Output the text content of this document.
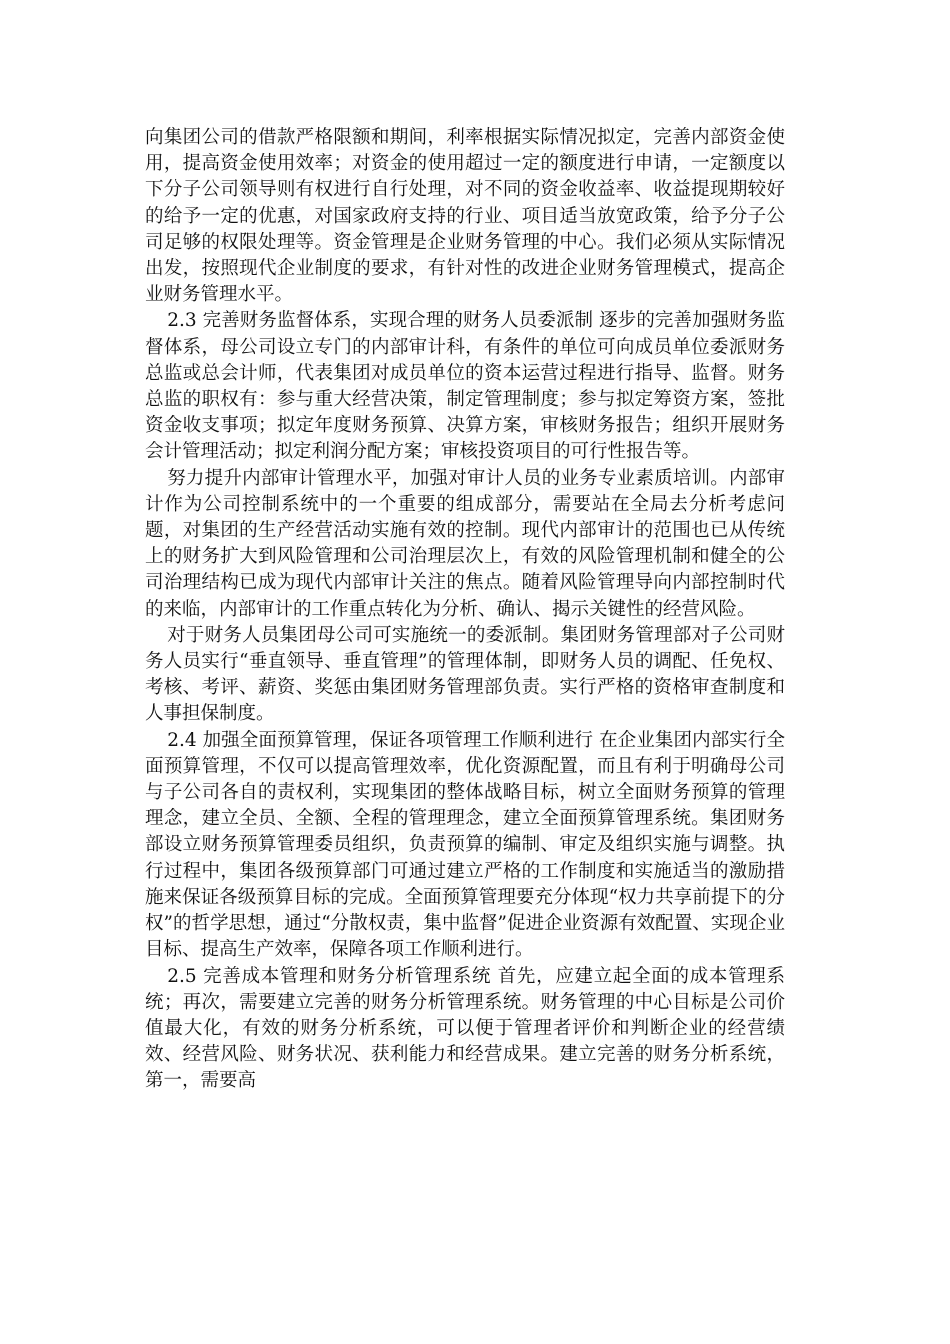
向集团公司的借款严格限额和期间，利率根据实际情况拟定，完善内部资金使用，提高资金使用效率；对资金的使用超过一定的额度进行申请，一定额度以下分子公司领导则有权进行自行处理，对不同的资金收益率、收益提现期较好的给予一定的优惠，对国家政府支持的行业、项目适当放宽政策，给予分子公司足够的权限处理等。资金管理是企业财务管理的中心。我们必须从实际情况出发，按照现代企业制度的要求，有针对性的改进企业财务管理模式，提高企业财务管理水平。

2.3 完善财务监督体系，实现合理的财务人员委派制 逐步的完善加强财务监督体系，母公司设立专门的内部审计科，有条件的单位可向成员单位委派财务总监或总会计师，代表集团对成员单位的资本运营过程进行指导、监督。财务总监的职权有：参与重大经营决策，制定管理制度；参与拟定筹资方案，签批资金收支事项；拟定年度财务预算、决算方案，审核财务报告；组织开展财务会计管理活动；拟定利润分配方案；审核投资项目的可行性报告等。

努力提升内部审计管理水平，加强对审计人员的业务专业素质培训。内部审计作为公司控制系统中的一个重要的组成部分，需要站在全局去分析考虑问题，对集团的生产经营活动实施有效的控制。现代内部审计的范围也已从传统上的财务扩大到风险管理和公司治理层次上，有效的风险管理机制和健全的公司治理结构已成为现代内部审计关注的焦点。随着风险管理导向内部控制时代的来临，内部审计的工作重点转化为分析、确认、揭示关键性的经营风险。

对于财务人员集团母公司可实施统一的委派制。集团财务管理部对子公司财务人员实行“垂直领导、垂直管理”的管理体制，即财务人员的调配、任免权、考核、考评、薪资、奖惩由集团财务管理部负责。实行严格的资格审查制度和人事担保制度。

2.4 加强全面预算管理，保证各项管理工作顺利进行 在企业集团内部实行全面预算管理，不仅可以提高管理效率，优化资源配置，而且有利于明确母公司与子公司各自的责权利，实现集团的整体战略目标，树立全面财务预算的管理理念，建立全员、全额、全程的管理理念，建立全面预算管理系统。集团财务部设立财务预算管理委员组织，负责预算的编制、审定及组织实施与调整。执行过程中，集团各级预算部门可通过建立严格的工作制度和实施适当的激励措施来保证各级预算目标的完成。全面预算管理要充分体现“权力共享前提下的分权”的哲学思想，通过“分散权责，集中监督”促进企业资源有效配置、实现企业目标、提高生产效率，保障各项工作顺利进行。

2.5 完善成本管理和财务分析管理系统 首先，应建立起全面的成本管理系统；再次，需要建立完善的财务分析管理系统。财务管理的中心目标是公司价值最大化，有效的财务分析系统，可以便于管理者评价和判断企业的经营绩效、经营风险、财务状况、获利能力和经营成果。建立完善的财务分析系统，第一，需要高
